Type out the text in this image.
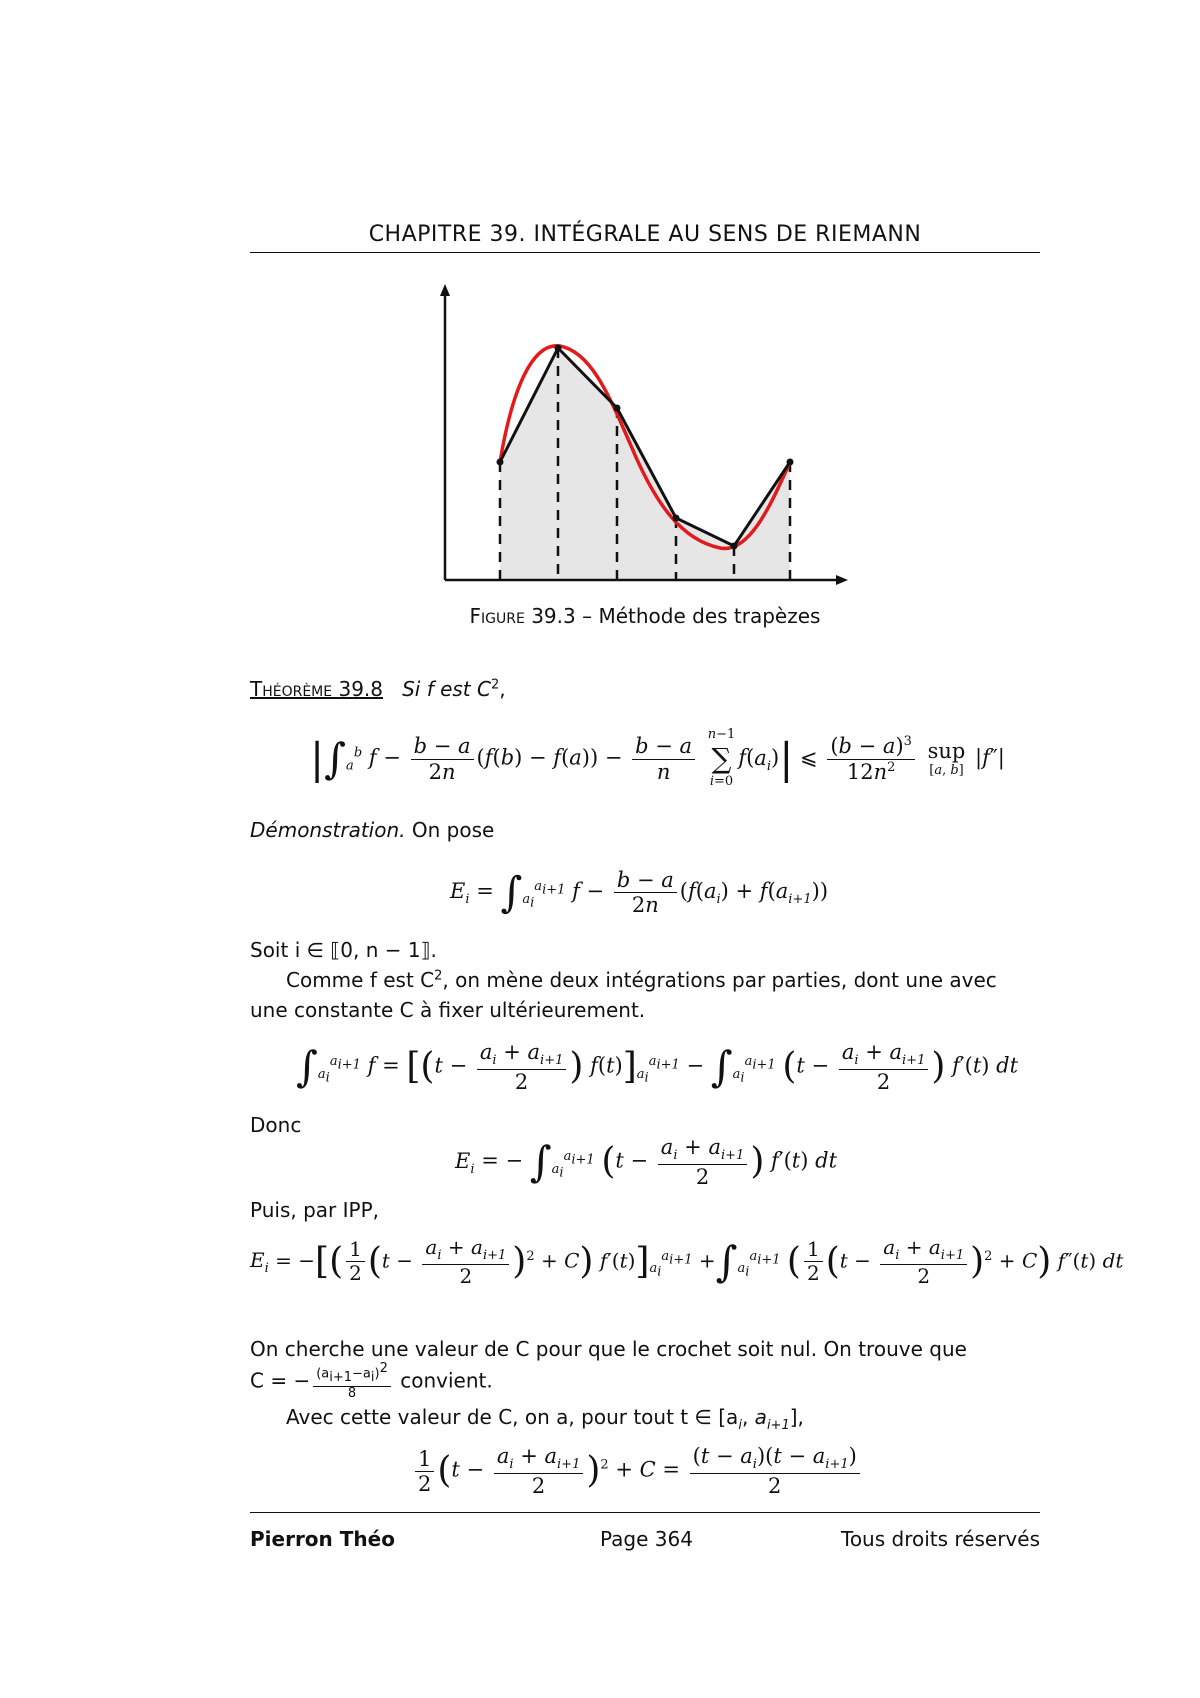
CHAPITRE 39. INTÉGRALE AU SENS DE RIEMANN
Figure 39.3 – Méthode des trapèzes
Théorème 39.8 Si f est $C^2$,
$|\int_a^b$ $f - \frac{b - a}{2n} (f(b) - f(a)) - \frac{b - a}{n}$
n−1
∑
i=0
$f(a_i)|$ ⩽ $\frac{(b - a)^3}{12n^2}$
sup
[a, b]
|f″|
Démonstration. On pose
$E_i = \int_{a_i}^{a_{i+1}}$ $f - \frac{b - a}{2n} (f(a_i) + f(a_{i+1}))$
Soit i ∈ ⟦0, n − 1⟧.
Comme f est $C^2$, on mène deux intégrations par parties, dont une avec
une constante C à fixer ultérieurement.
$\int_{a_i}^{a_{i+1}}$ $f = [(t - \frac{a_i + a_{i+1}}{2}$ ) $f(t)]_{a_i}^{a_{i+1}} - \int_{a_i}^{a_{i+1}}$ ($t - \frac{a_i + a_{i+1}}{2}$ ) f′(t) dt
Donc
$E_i$ = − $\int_{a_i}^{a_{i+1}}$ ($t - \frac{a_i + a_{i+1}}{2}$ ) f′(t) dt
Puis, par IPP,
$E_i$ = −[( $\frac{1}{2} (t - \frac{a_i + a_{i+1}}{2} )^2 + C$) $f'(t)]_{a_i}^{a_{i+1}} +\int_{a_i}^{a_{i+1}}$ ( $\frac{1}{2} (t - \frac{a_i + a_{i+1}}{2} )^2 + C$) f″(t) dt
On cherche une valeur de C pour que le crochet soit nul. On trouve que
C = − $\frac{(a_{i+1}-a_i)^2}{8}$ convient.
Avec cette valeur de C, on a, pour tout t ∈ [$a_i$, $a_{i+1}$],
$\frac{1}{2} (t - \frac{a_i + a_{i+1}}{2} )^2 + C = \frac{(t - a_i)(t - a_{i+1})}{2}$
Pierron Théo	Page 364	Tous droits réservés
